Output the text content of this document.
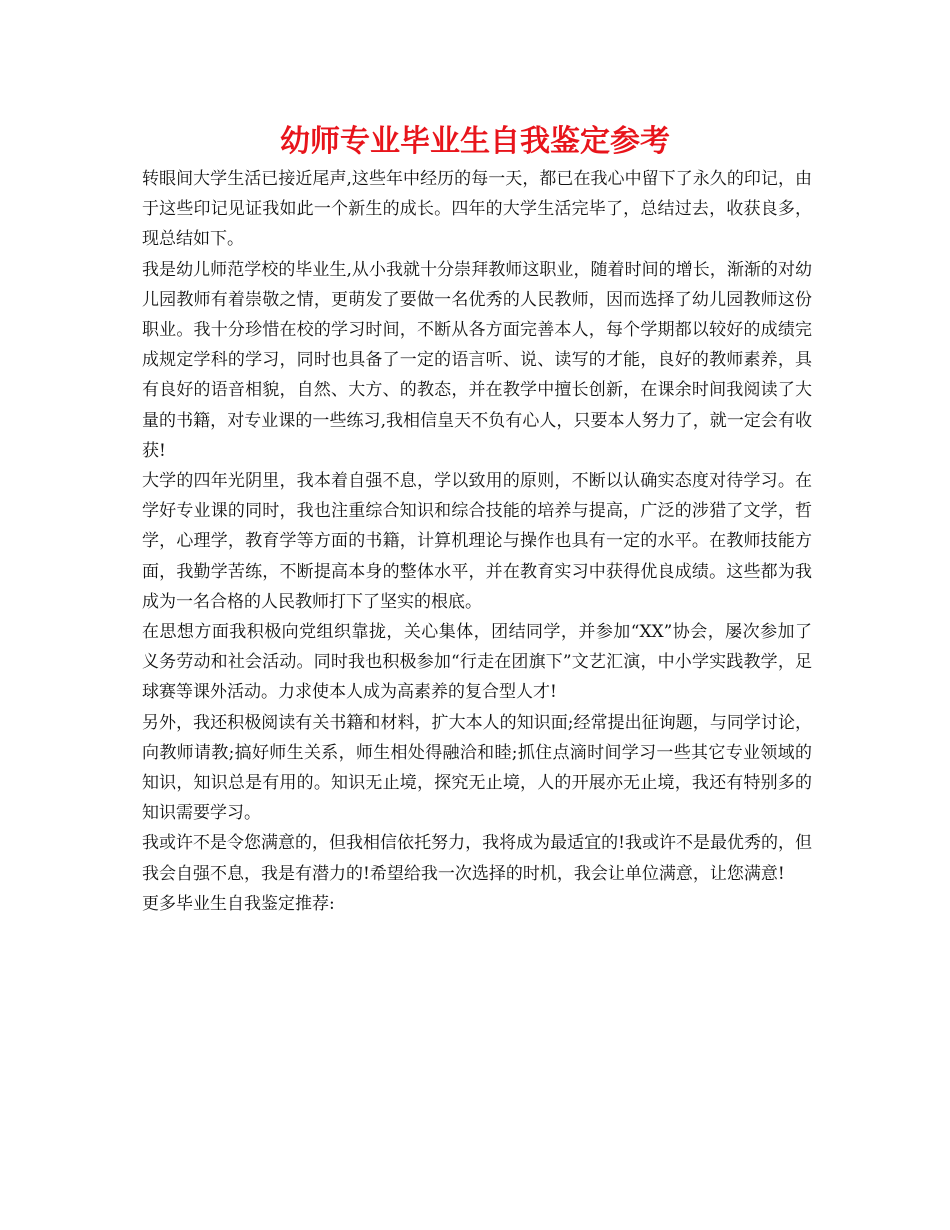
幼师专业毕业生自我鉴定参考

转眼间大学生活已接近尾声,这些年中经历的每一天，都已在我心中留下了永久的印记，由于这些印记见证我如此一个新生的成长。四年的大学生活完毕了，总结过去，收获良多，现总结如下。

我是幼儿师范学校的毕业生,从小我就十分崇拜教师这职业，随着时间的增长，渐渐的对幼儿园教师有着崇敬之情，更萌发了要做一名优秀的人民教师，因而选择了幼儿园教师这份职业。我十分珍惜在校的学习时间，不断从各方面完善本人，每个学期都以较好的成绩完成规定学科的学习，同时也具备了一定的语言听、说、读写的才能，良好的教师素养，具有良好的语音相貌，自然、大方、的教态，并在教学中擅长创新，在课余时间我阅读了大量的书籍，对专业课的一些练习,我相信皇天不负有心人，只要本人努力了，就一定会有收获!

大学的四年光阴里，我本着自强不息，学以致用的原则，不断以认确实态度对待学习。在学好专业课的同时，我也注重综合知识和综合技能的培养与提高，广泛的涉猎了文学，哲学，心理学，教育学等方面的书籍，计算机理论与操作也具有一定的水平。在教师技能方面，我勤学苦练，不断提高本身的整体水平，并在教育实习中获得优良成绩。这些都为我成为一名合格的人民教师打下了坚实的根底。

在思想方面我积极向党组织靠拢，关心集体，团结同学，并参加“XX”协会，屡次参加了义务劳动和社会活动。同时我也积极参加“行走在团旗下”文艺汇演，中小学实践教学，足球赛等课外活动。力求使本人成为高素养的复合型人才!

另外，我还积极阅读有关书籍和材料，扩大本人的知识面;经常提出征询题，与同学讨论，向教师请教;搞好师生关系，师生相处得融洽和睦;抓住点滴时间学习一些其它专业领域的知识，知识总是有用的。知识无止境，探究无止境，人的开展亦无止境，我还有特别多的知识需要学习。

我或许不是令您满意的，但我相信依托努力，我将成为最适宜的!我或许不是最优秀的，但我会自强不息，我是有潜力的!希望给我一次选择的时机，我会让单位满意，让您满意!

更多毕业生自我鉴定推荐:
